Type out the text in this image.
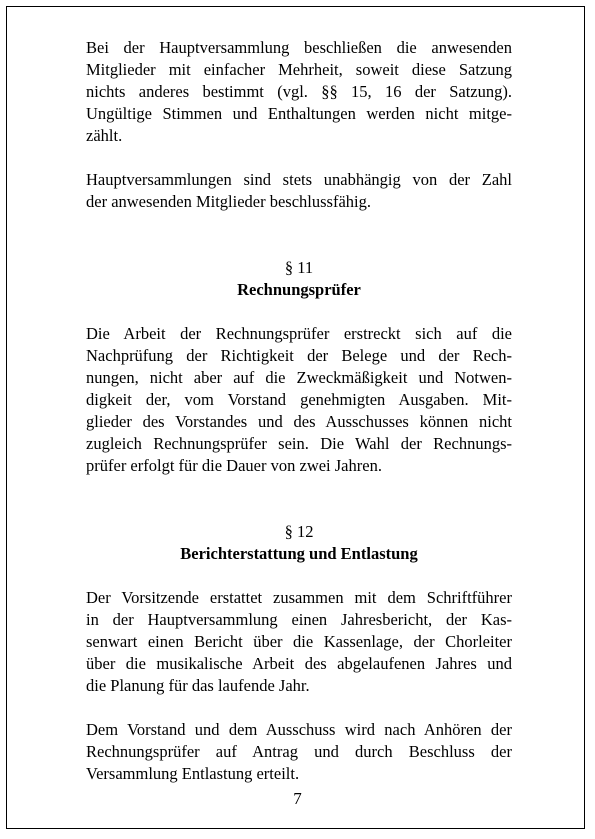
Bei der Hauptversammlung beschließen die anwesenden
Mitglieder mit einfacher Mehrheit, soweit diese Satzung
nichts anderes bestimmt (vgl. §§ 15, 16 der Satzung).
Ungültige Stimmen und Enthaltungen werden nicht mitge-
zählt.

Hauptversammlungen sind stets unabhängig von der Zahl
der anwesenden Mitglieder beschlussfähig.

§ 11

Rechnungsprüfer

Die Arbeit der Rechnungsprüfer erstreckt sich auf die
Nachprüfung der Richtigkeit der Belege und der Rech-
nungen, nicht aber auf die Zweckmäßigkeit und Notwen-
digkeit der, vom Vorstand genehmigten Ausgaben. Mit-
glieder des Vorstandes und des Ausschusses können nicht
zugleich Rechnungsprüfer sein. Die Wahl der Rechnungs-
prüfer erfolgt für die Dauer von zwei Jahren.

§ 12

Berichterstattung und Entlastung

Der Vorsitzende erstattet zusammen mit dem Schriftführer
in der Hauptversammlung einen Jahresbericht, der Kas-
senwart einen Bericht über die Kassenlage, der Chorleiter
über die musikalische Arbeit des abgelaufenen Jahres und
die Planung für das laufende Jahr.

Dem Vorstand und dem Ausschuss wird nach Anhören der
Rechnungsprüfer auf Antrag und durch Beschluss der
Versammlung Entlastung erteilt.

7
